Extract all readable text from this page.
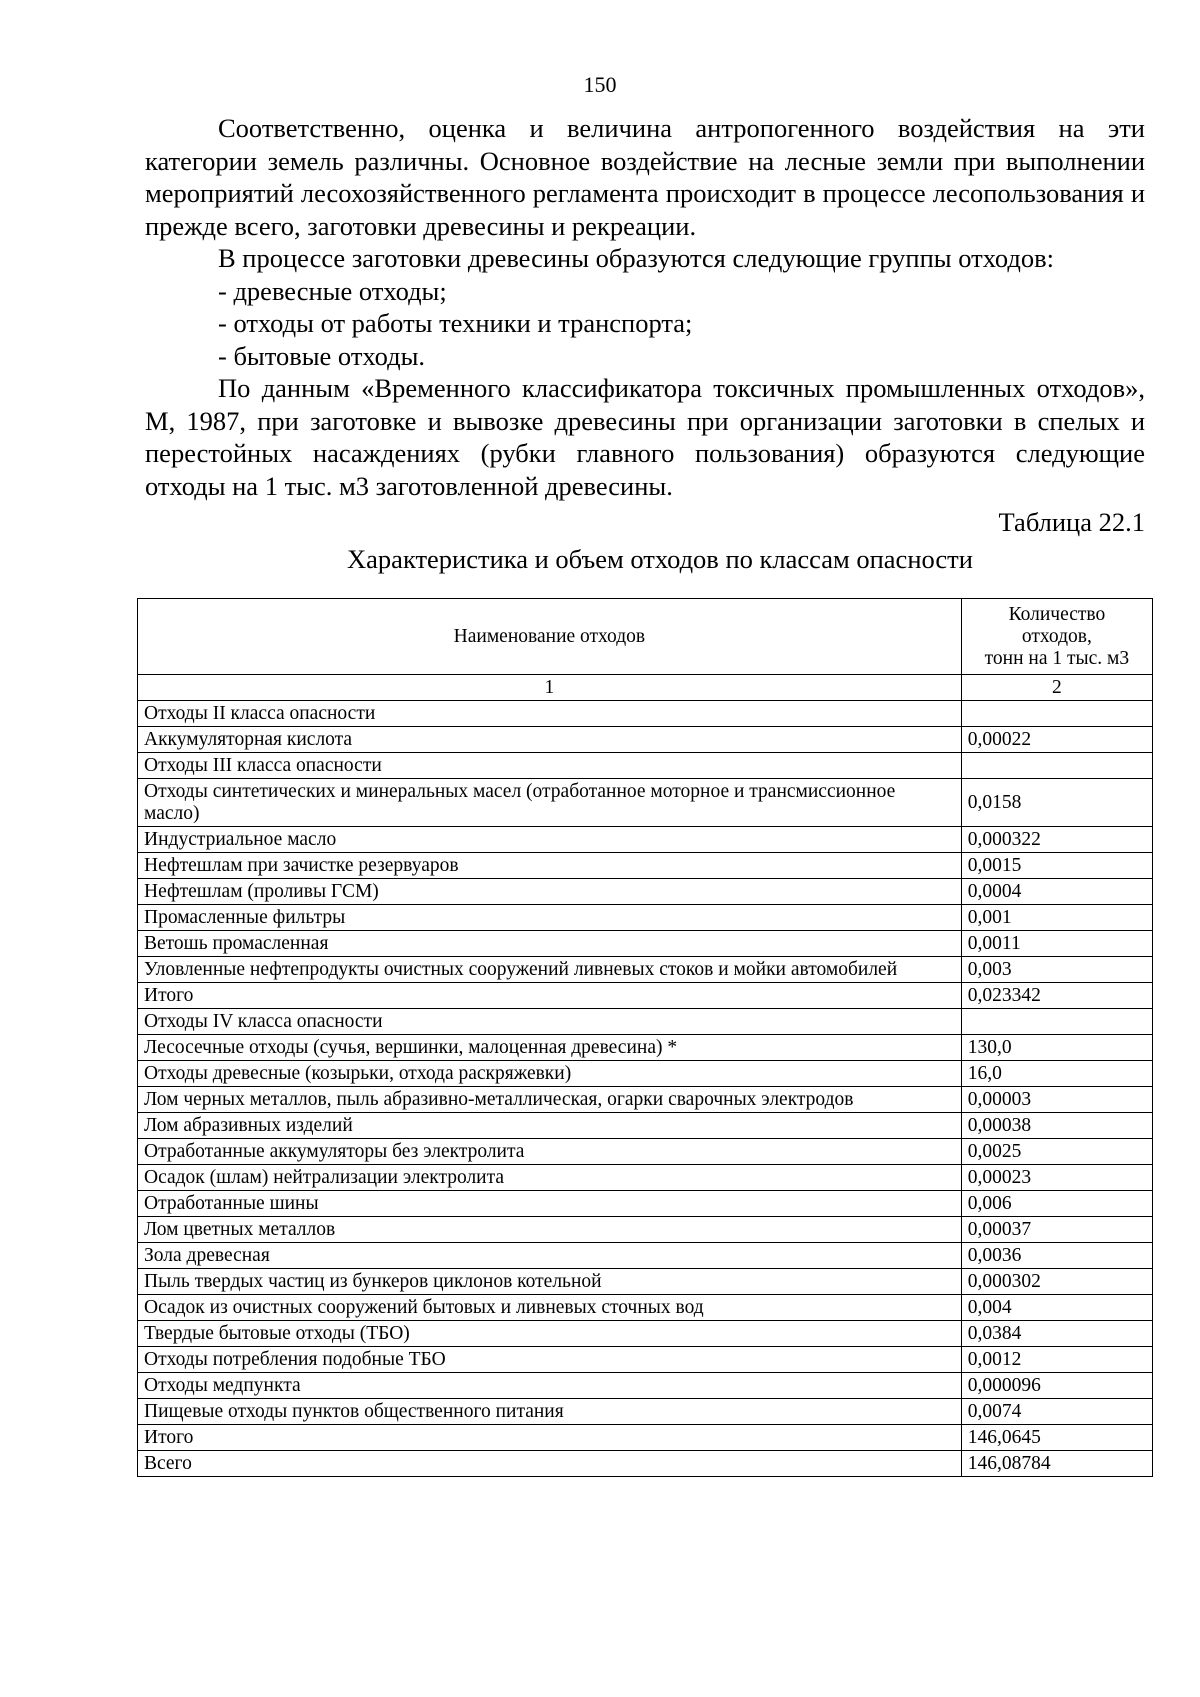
150

Соответственно, оценка и величина антропогенного воздействия на эти категории земель различны. Основное воздействие на лесные земли при выполнении мероприятий лесохозяйственного регламента происходит в процессе лесопользования и прежде всего, заготовки древесины и рекреации.

В процессе заготовки древесины образуются следующие группы отходов:

- древесные отходы;

- отходы от работы техники и транспорта;

- бытовые отходы.

По данным «Временного классификатора токсичных промышленных отходов», М, 1987, при заготовке и вывозке древесины при организации заготовки в спелых и перестойных насаждениях (рубки главного пользования) образуются следующие отходы на 1 тыс. м3 заготовленной древесины.

Таблица 22.1

Характеристика и объем отходов по классам опасности

Наименование отходов	Количество
отходов,
тонн на 1 тыс. м3
1	2
Отходы II класса опасности	
Аккумуляторная кислота	0,00022
Отходы III класса опасности	
Отходы синтетических и минеральных масел (отработанное моторное и трансмиссионное масло)	0,0158
Индустриальное масло	0,000322
Нефтешлам при зачистке резервуаров	0,0015
Нефтешлам (проливы ГСМ)	0,0004
Промасленные фильтры	0,001
Ветошь промасленная	0,0011
Уловленные нефтепродукты очистных сооружений ливневых стоков и мойки автомобилей	0,003
Итого	0,023342
Отходы IV класса опасности	
Лесосечные отходы (сучья, вершинки, малоценная древесина) *	130,0
Отходы древесные (козырьки, отхода раскряжевки)	16,0
Лом черных металлов, пыль абразивно-металлическая, огарки сварочных электродов	0,00003
Лом абразивных изделий	0,00038
Отработанные аккумуляторы без электролита	0,0025
Осадок (шлам) нейтрализации электролита	0,00023
Отработанные шины	0,006
Лом цветных металлов	0,00037
Зола древесная	0,0036
Пыль твердых частиц из бункеров циклонов котельной	0,000302
Осадок из очистных сооружений бытовых и ливневых сточных вод	0,004
Твердые бытовые отходы (ТБО)	0,0384
Отходы потребления подобные ТБО	0,0012
Отходы медпункта	0,000096
Пищевые отходы пунктов общественного питания	0,0074
Итого	146,0645
Всего	146,08784
